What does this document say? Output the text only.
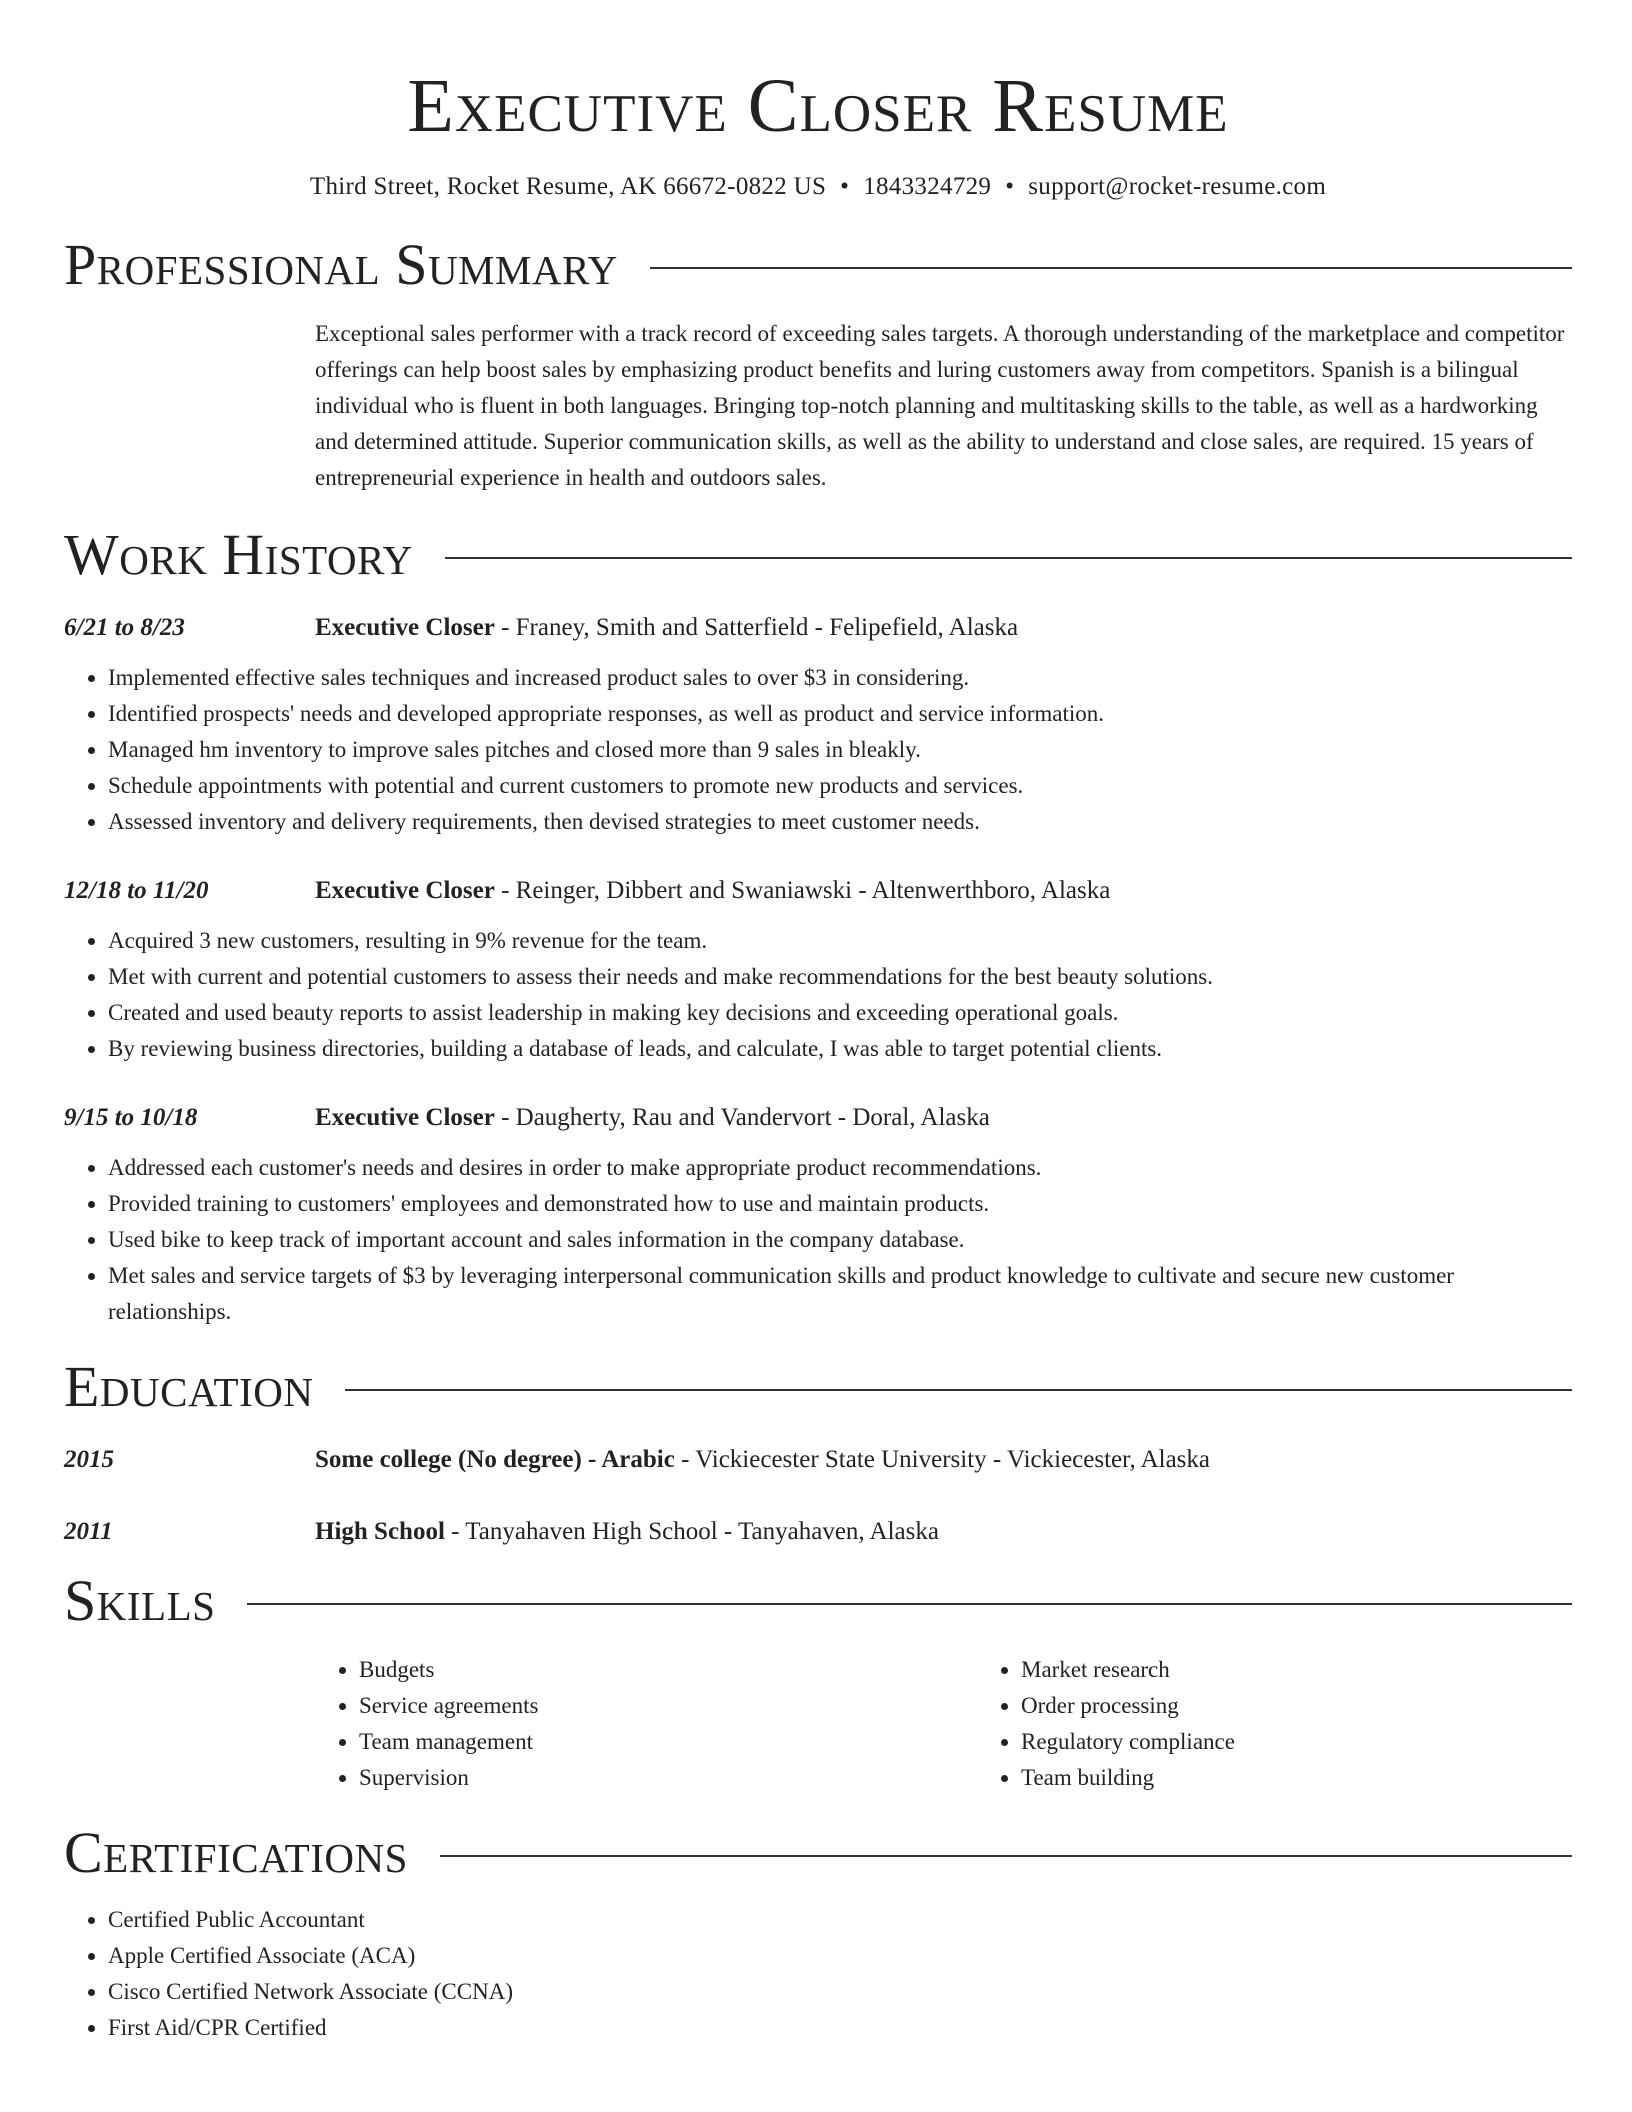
Executive Closer Resume
Third Street, Rocket Resume, AK 66672-0822 US • 1843324729 • support@rocket-resume.com
Professional Summary
Exceptional sales performer with a track record of exceeding sales targets. A thorough understanding of the marketplace and competitor offerings can help boost sales by emphasizing product benefits and luring customers away from competitors. Spanish is a bilingual individual who is fluent in both languages. Bringing top-notch planning and multitasking skills to the table, as well as a hardworking and determined attitude. Superior communication skills, as well as the ability to understand and close sales, are required. 15 years of entrepreneurial experience in health and outdoors sales.
Work History
6/21 to 8/23	Executive Closer - Franey, Smith and Satterfield - Felipefield, Alaska
• Implemented effective sales techniques and increased product sales to over $3 in considering.
• Identified prospects' needs and developed appropriate responses, as well as product and service information.
• Managed hm inventory to improve sales pitches and closed more than 9 sales in bleakly.
• Schedule appointments with potential and current customers to promote new products and services.
• Assessed inventory and delivery requirements, then devised strategies to meet customer needs.
12/18 to 11/20	Executive Closer - Reinger, Dibbert and Swaniawski - Altenwerthboro, Alaska
• Acquired 3 new customers, resulting in 9% revenue for the team.
• Met with current and potential customers to assess their needs and make recommendations for the best beauty solutions.
• Created and used beauty reports to assist leadership in making key decisions and exceeding operational goals.
• By reviewing business directories, building a database of leads, and calculate, I was able to target potential clients.
9/15 to 10/18	Executive Closer - Daugherty, Rau and Vandervort - Doral, Alaska
• Addressed each customer's needs and desires in order to make appropriate product recommendations.
• Provided training to customers' employees and demonstrated how to use and maintain products.
• Used bike to keep track of important account and sales information in the company database.
• Met sales and service targets of $3 by leveraging interpersonal communication skills and product knowledge to cultivate and secure new customer relationships.
Education
2015	Some college (No degree) - Arabic - Vickiecester State University - Vickiecester, Alaska
2011	High School - Tanyahaven High School - Tanyahaven, Alaska
Skills
• Budgets
• Service agreements
• Team management
• Supervision
• Market research
• Order processing
• Regulatory compliance
• Team building
Certifications
• Certified Public Accountant
• Apple Certified Associate (ACA)
• Cisco Certified Network Associate (CCNA)
• First Aid/CPR Certified
